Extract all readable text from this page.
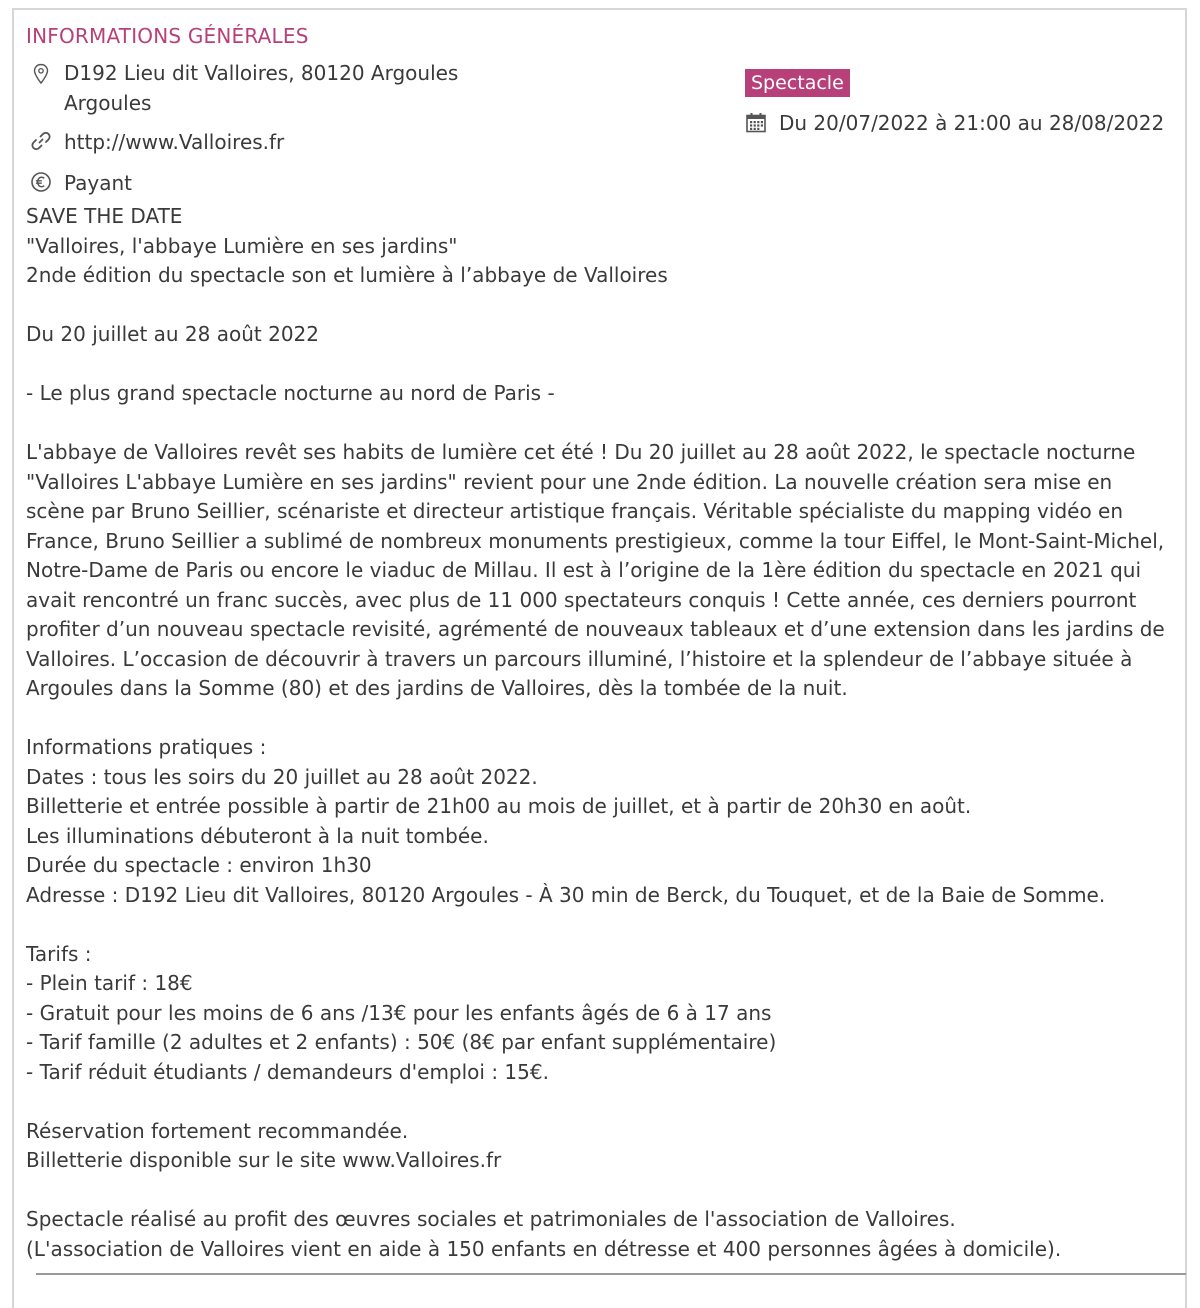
INFORMATIONS GÉNÉRALES
D192 Lieu dit Valloires, 80120 Argoules
Argoules
http://www.Valloires.fr
Payant
Spectacle
Du 20/07/2022 à 21:00 au 28/08/2022

SAVE THE DATE
"Valloires, l'abbaye Lumière en ses jardins"
2nde édition du spectacle son et lumière à l’abbaye de Valloires

Du 20 juillet au 28 août 2022

- Le plus grand spectacle nocturne au nord de Paris -

L'abbaye de Valloires revêt ses habits de lumière cet été ! Du 20 juillet au 28 août 2022, le spectacle nocturne "Valloires L'abbaye Lumière en ses jardins" revient pour une 2nde édition. La nouvelle création sera mise en scène par Bruno Seillier, scénariste et directeur artistique français. Véritable spécialiste du mapping vidéo en France, Bruno Seillier a sublimé de nombreux monuments prestigieux, comme la tour Eiffel, le Mont-Saint-Michel, Notre-Dame de Paris ou encore le viaduc de Millau. Il est à l’origine de la 1ère édition du spectacle en 2021 qui avait rencontré un franc succès, avec plus de 11 000 spectateurs conquis ! Cette année, ces derniers pourront profiter d’un nouveau spectacle revisité, agrémenté de nouveaux tableaux et d’une extension dans les jardins de Valloires. L’occasion de découvrir à travers un parcours illuminé, l’histoire et la splendeur de l’abbaye située à Argoules dans la Somme (80) et des jardins de Valloires, dès la tombée de la nuit.

Informations pratiques :
Dates : tous les soirs du 20 juillet au 28 août 2022.
Billetterie et entrée possible à partir de 21h00 au mois de juillet, et à partir de 20h30 en août.
Les illuminations débuteront à la nuit tombée.
Durée du spectacle : environ 1h30
Adresse : D192 Lieu dit Valloires, 80120 Argoules - À 30 min de Berck, du Touquet, et de la Baie de Somme.

Tarifs :
- Plein tarif : 18€
- Gratuit pour les moins de 6 ans /13€ pour les enfants âgés de 6 à 17 ans
- Tarif famille (2 adultes et 2 enfants) : 50€ (8€ par enfant supplémentaire)
- Tarif réduit étudiants / demandeurs d'emploi : 15€.

Réservation fortement recommandée.
Billetterie disponible sur le site www.Valloires.fr

Spectacle réalisé au profit des œuvres sociales et patrimoniales de l'association de Valloires.
(L'association de Valloires vient en aide à 150 enfants en détresse et 400 personnes âgées à domicile).
